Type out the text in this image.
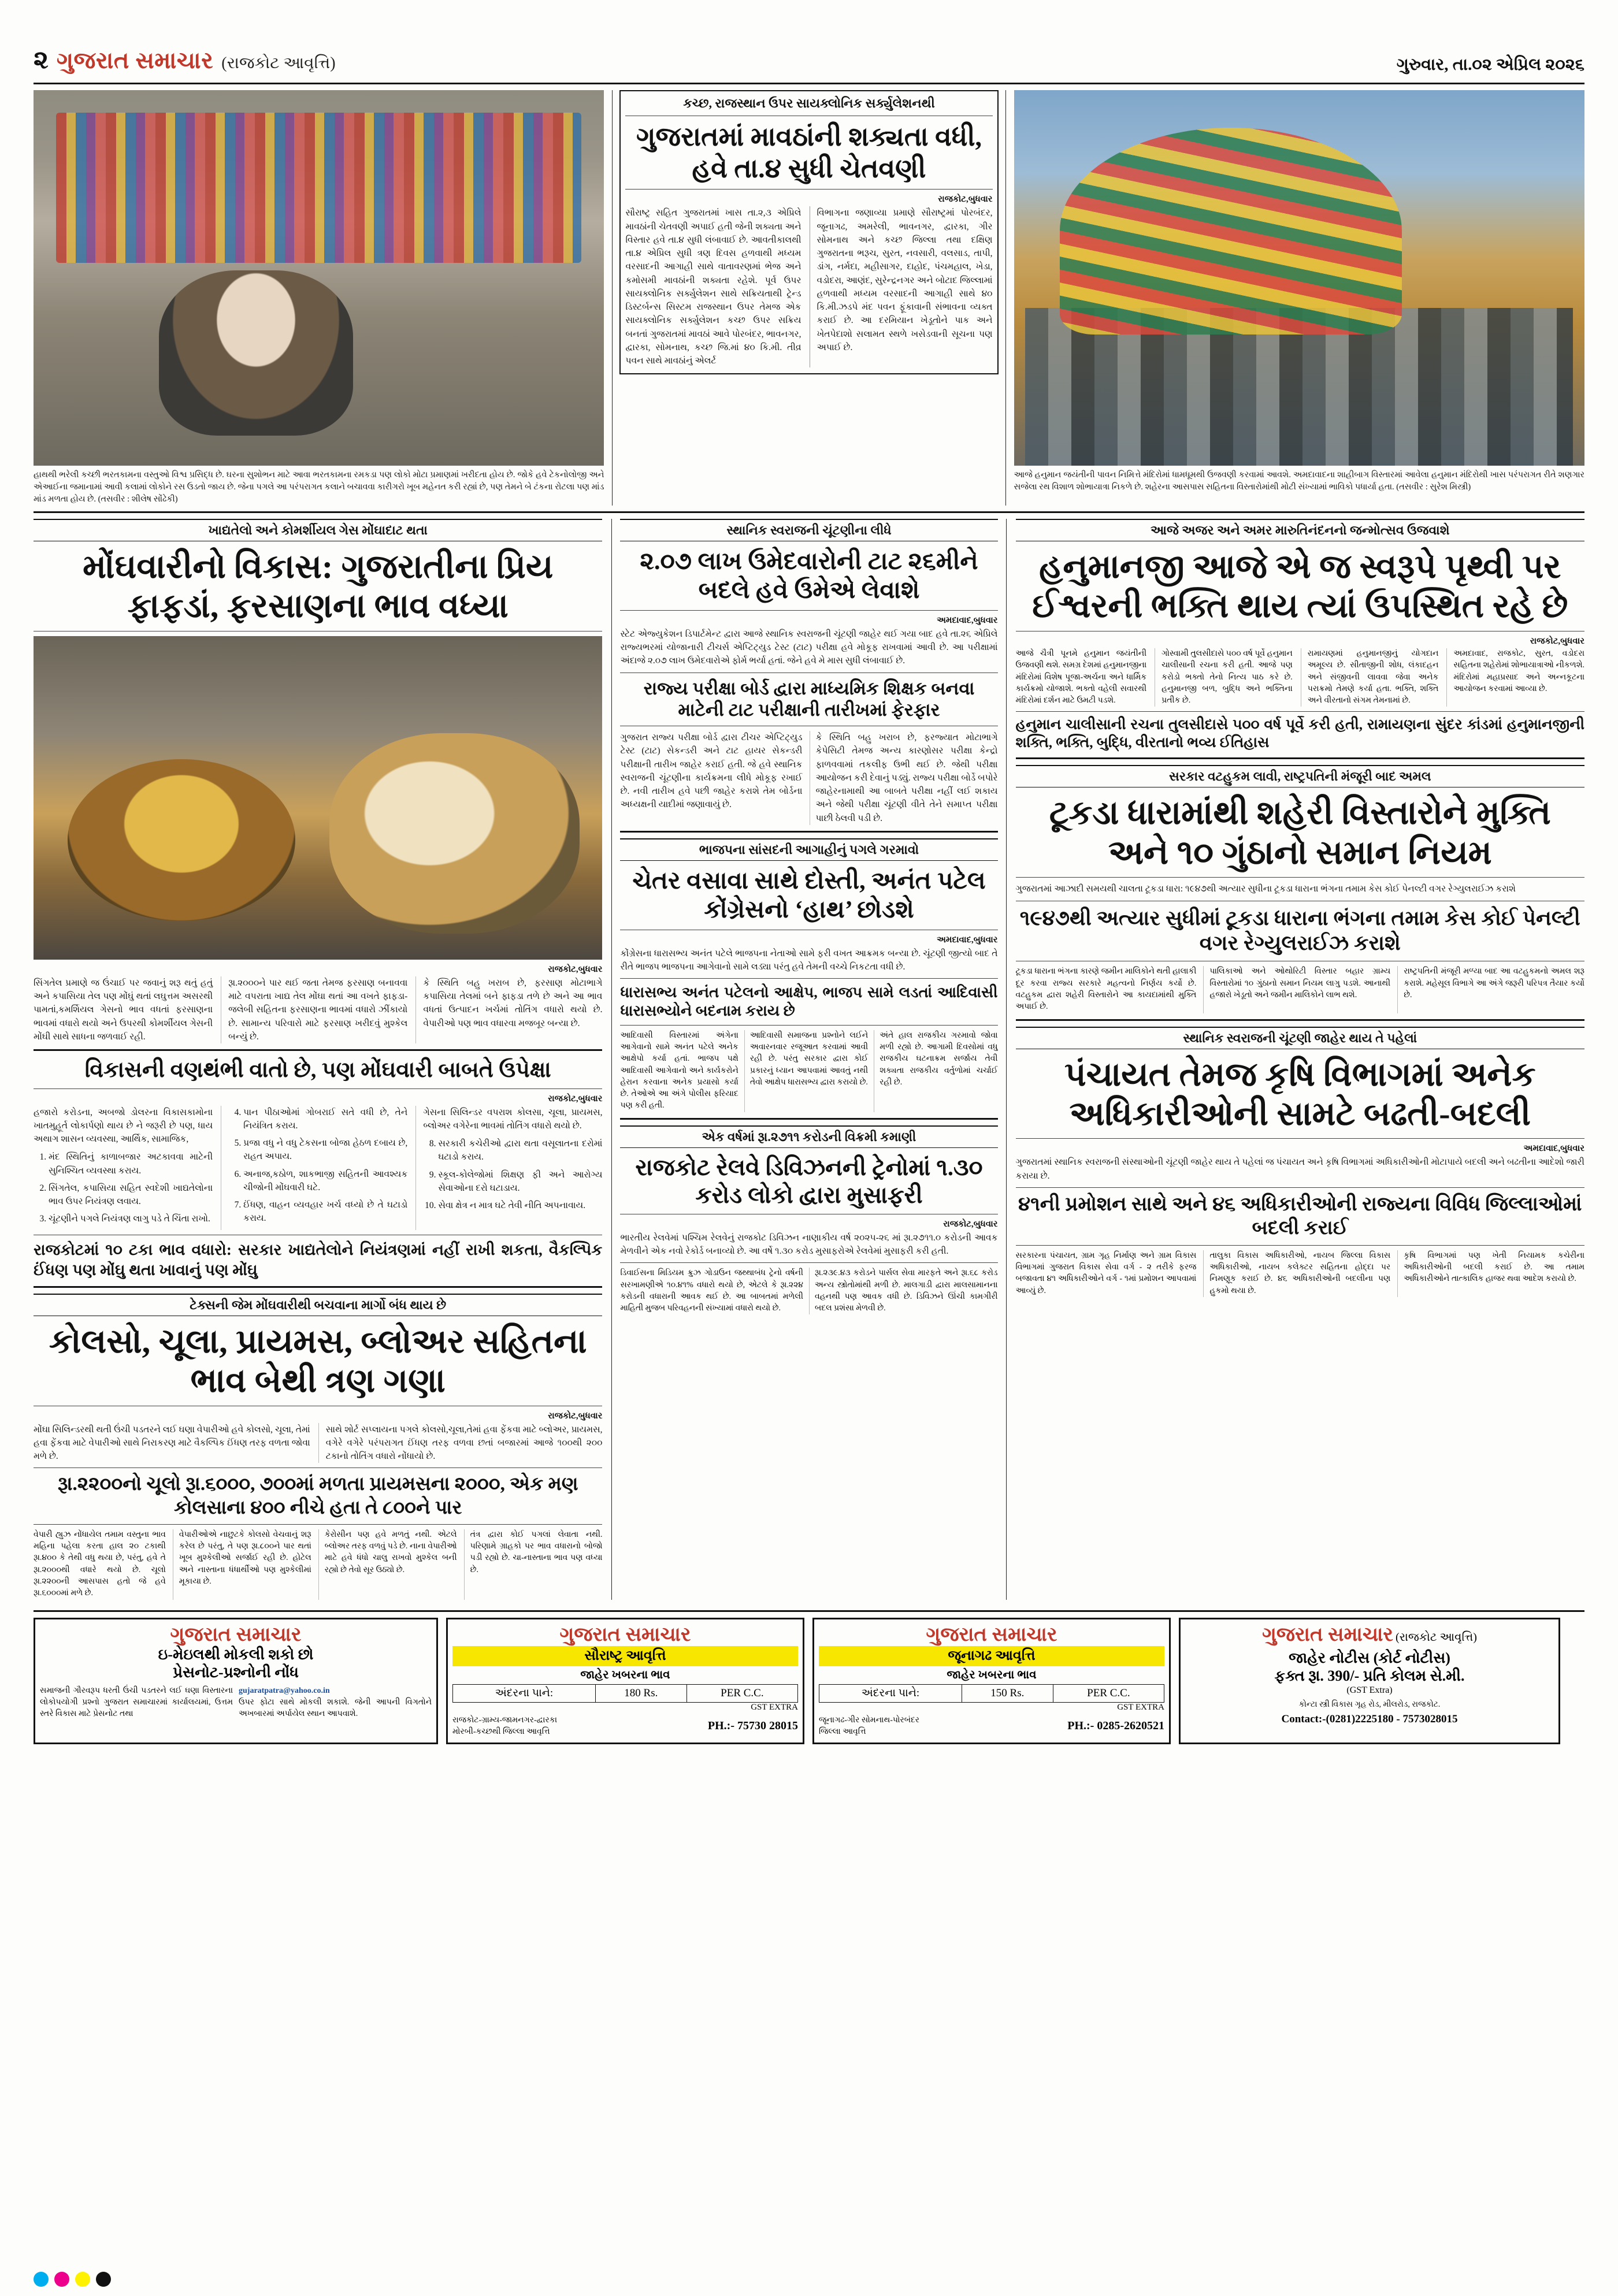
૨ ગુજરાત સમાચાર (રાજકોટ આવૃત્તિ)	ગુરુવાર, તા.૦૨ એપ્રિલ ૨૦૨૬
હાથથી ભરેલી કચ્છી ભરતકામના વસ્તુઓ વિશ્વ પ્રસિદ્ધ છે. ઘરના સુશોભન માટે આવા ભરતકામના રમકડા પણ લોકો મોટા પ્રમાણમાં ખરીદતા હોય છે. જોકે હવે ટેકનોલોજી અને એઆઈના જમાનામાં આવી કલામાં લોકોને રસ ઉડતો જાય છે. જેના પગલે આ પરંપરાગત કલાને બચાવવા કારીગરો ખૂબ મહેનત કરી રહ્યાં છે, પણ તેમને બે ટંકના રોટલા પણ માંડ માંડ મળતા હોય છે. (તસવીર : શીલેષ સોંઢેકી)
કચ્છ, રાજસ્થાન ઉપર સાયક્લોનિક સર્ક્યુલેશનથી
ગુજરાતમાં માવઠાંની શક્યતા વધી, હવે તા.૪ સુધી ચેતવણી
રાજકોટ,બુધવાર
સૌરાષ્ટ્ર સહિત ગુજરાતમાં ખાસ તા.૨,૩ એપ્રિલે માવઠાંની ચેતવણી અપાઈ હતી જેની શક્યતા અને વિસ્તાર હવે તા.૪ સુધી લંબાવાઈ છે. આવતીકાલથી તા.૪ એપ્રિલ સુધી ત્રણ દિવસ હળવાથી મધ્યમ વરસાદની આગાહી સાથે વાતાવરણમાં ભેજ અને કમોસમી માવઠાંની શક્યતા રહેશે. પૂર્વ ઉપર સાયક્લોનિક સર્ક્યુલેશન સાથે સક્રિયતાથી ટ્રેન્ડ ડિસ્ટર્બન્સ સિસ્ટમ રાજસ્થાન ઉપર તેમજ એક સાયક્લોનિક સર્ક્યુલેશન કચ્છ ઉપર સક્રિય બનતાં ગુજરાતમાં માવઠાં આવે પોરબંદર, ભાવનગર, દ્વારકા, સોમનાથ, કચ્છ જિ.માં ૪૦ કિ.મી. તીવ્ર પવન સાથે માવઠાંનું એલર્ટ
વિભાગના જણાવ્યા પ્રમાણે સૌરાષ્ટ્રમાં પોરબંદર, જૂનાગઢ, અમરેલી, ભાવનગર, દ્વારકા, ગીર સોમનાથ અને કચ્છ જિલ્લા તથા દક્ષિણ ગુજરાતના ભરૂચ, સુરત, નવસારી, વલસાડ, તાપી, ડાંગ, નર્મદા, મહીસાગર, દાહોદ, પંચમહાલ, ખેડા, વડોદરા, આણંદ, સુરેન્દ્રનગર અને બોટાદ જિલ્લામાં હળવાથી મધ્યમ વરસાદની આગાહી સાથે ૪૦ કિ.મી.ઝડપે મંદ પવન ફૂંકાવાની સંભાવના વ્યક્ત કરાઈ છે. આ દરમિયાન ખેડૂતોને પાક અને ખેતપેદાશો સલામત સ્થળે ખસેડવાની સૂચના પણ અપાઈ છે.
આજે હનુમાન જયંતીની પાવન નિમિત્તે મંદિરોમાં ધામધૂમથી ઉજવણી કરવામાં આવશે. અમદાવાદના શાહીબાગ વિસ્તારમાં આવેલા હનુમાન મંદિરોથી ખાસ પરંપરાગત રીતે શણગાર સજેલા રથ વિશાળ શોભાયાત્રા નિકળે છે. શહેરના આસપાસ સહિતના વિસ્તારોમાંથી મોટી સંખ્યામાં ભાવિકો પધાર્યા હતા. (તસવીર : સુરેશ મિસ્ત્રી)
ખાદ્યતેલો અને કોમર્શીયલ ગેસ મોંઘાદાટ થતા
મોંઘવારીનો વિકાસ: ગુજરાતીના પ્રિય ફાફડાં, ફરસાણના ભાવ વધ્યા
રાજકોટ,બુધવાર
સિંગતેલ પ્રમાણે જ ઉંચાઈ પર જવાનું શરૂ થતું હતું અને કપાસિયા તેલ પણ મોંઘું થતાં લઘુત્તમ અસરથી પામતાં,કમર્શિયલ ગેસનો ભાવ વધતાં ફરસાણના ભાવમાં વધારો થયો અને ઉપરથી કોમર્શીયલ ગેસની મોંઘી સાથે સાધના જળવાઈ રહી.
રૂા.૨૦૦૦ને પાર થઈ જતા તેમજ ફરસાણ બનાવવા માટે વપરાતા ખાદ્ય તેલ મોંઘા થતાં આ વખતે ફાફડા-જલેબી સહિતના ફરસાણના ભાવમાં વધારો ઝીંકાયો છે. સામાન્ય પરિવારો માટે ફરસાણ ખરીદવું મુશ્કેલ બન્યું છે.
કે સ્થિતિ બહુ ખરાબ છે, ફરસાણ મોટાભાગે કપાસિયા તેલમાં બને ફાફડા તળે છે અને આ ભાવ વધતાં ઉત્પાદન ખર્ચમાં તોતિંગ વધારો થયો છે. વેપારીઓ પણ ભાવ વધારવા મજબૂર બન્યા છે.
વિકાસની વણથંભી વાતો છે, પણ મોંઘવારી બાબતે ઉપેક્ષા
રાજકોટ,બુધવાર
હજારો કરોડના, અબજો ડોલરના વિકાસકામોના ખાતમુહૂર્ત લોકાર્પણો થાય છે ને જરૂરી છે પણ, ધાય અથાગ શાસન વ્યવસ્થા, આર્થિક, સામાજિક,
1. મંદ સ્થિતિનું કાળાબજાર અટકાવવા માટેની સુનિશ્ચિત વ્યવસ્થા કરાય.
2. સિંગતેલ, કપાસિયા સહિત સ્વદેશી ખાદ્યતેલોના ભાવ ઉપર નિયંત્રણ લવાય.
3. ચૂંટણીને પગલે નિયંત્રણ લાગુ પડે તે ચિંતા રાખો.
4. પાન પીઠાઓમાં ગોબરાઈ સતે વધી છે, તેને નિયંત્રિત કરાય.
5. પ્રજા વધુ ને વધુ ટેકસના બોજા હેઠળ દબાય છે, રાહત અપાય.
6. અનાજ,કઠોળ, શાકભાજી સહિતની આવશ્યક ચીજોની મોંઘવારી ઘટે.
7. ઈંધણ, વાહન વ્યવહાર ખર્ચ વધ્યો છે તે ઘટાડો કરાય.
ગેસના સિલિન્ડર વપરાશ કોલસા, ચૂલા, પ્રાયમસ, બ્લોઅર વગેરેના ભાવમાં તોતિંગ વધારો થયો છે.
8. સરકારી કચેરીઓ દ્વારા થતા વસૂલાતના દરોમાં ઘટાડો કરાય.
9. સ્કૂલ-કોલેજોમાં શિક્ષણ ફી અને આરોગ્ય સેવાઓના દરો ઘટાડાય.
10. સેવા ક્ષેત્ર ન માત્ર ઘટે તેવી નીતિ અપનાવાય.
રાજકોટમાં ૧૦ ટકા ભાવ વધારો: સરકાર ખાદ્યતેલોને નિયંત્રણમાં નહીં રાખી શકતા, વૈકલ્પિક ઈંધણ પણ મોંઘુ થતા ખાવાનું પણ મોંઘુ
ટેક્સની જેમ મોંઘવારીથી બચવાના માર્ગો બંધ થાય છે
કોલસો, ચૂલા, પ્રાયમસ, બ્લોઅર સહિતના ભાવ બેથી ત્રણ ગણા
રાજકોટ,બુધવાર
મોંઘા સિલિન્ડરથી થતી ઉંચી પડતરને લઈ ઘણા વેપારીઓ હવે કોલસો, ચૂલા, તેમાં હવા ફેંકવા માટે વેપારીઓ સાથે નિરાકરણ માટે વૈકલ્પિક ઈંધણ તરફ વળતા જોવા મળે છે.
સાથે શોર્ટ સપ્લાયના પગલે કોલસો,ચૂલા,તેમાં હવા ફેંકવા માટે બ્લોઅર, પ્રાયમસ, વગેરે વગેરે પરંપરાગત ઈંધણ તરફ વળવા છતાં બજારમાં આજે ૧૦૦થી ૨૦૦ ટકાનો તોતિંગ વધારો નોંધાયો છે.
રૂા.૨૨૦૦નો ચૂલો રૂા.૬૦૦૦, ૭૦૦માં મળતા પ્રાયમસના ૨૦૦૦, એક મણ કોલસાના ૪૦૦ નીચે હતા તે ૮૦૦ને પાર
વેપારી હ્યુઝ નોંધાયેલ તમામ વસ્તુના ભાવ મહિના પહેલા કરતા હાલ ૨૦ ટકાથી રૂા.૪૦૦ કે તેથી વધુ થયા છે, પરંતુ, હવે તે રૂા.૨૦૦૦થી વધારે થયો છે. ચૂલો રૂા.૨૨૦૦ની આસપાસ હતો જે હવે રૂા.૬૦૦૦માં મળે છે.
વેપારીઓએ નાછુટકે કોલસો વેચવાનું શરૂ કરેલ છે પરંતુ, તે પણ રૂા.૮૦૦ને પાર થતાં ખૂબ મુશ્કેલીઓ સર્જાઈ રહી છે. હોટેલ અને નાસ્તાના ધંધાર્થીઓ પણ મુશ્કેલીમાં મૂકાયા છે.
કેરોસીન પણ હવે મળતું નથી. એટલે બ્લોઅર તરફ વળવું પડે છે. નાના વેપારીઓ માટે હવે ધંધો ચાલુ રાખવો મુશ્કેલ બની રહ્યો છે તેવો સૂર ઉઠ્યો છે.
તંત્ર દ્વારા કોઈ પગલાં લેવાતા નથી. પરિણામે ગ્રાહકો પર ભાવ વધારાનો બોજો પડી રહ્યો છે. ચા-નાસ્તાના ભાવ પણ વધ્યા છે.
સ્થાનિક સ્વરાજની ચૂંટણીના લીધે
૨.૦૭ લાખ ઉમેદવારોની ટાટ ૨૬મીને બદલે હવે ઉમેએ લેવાશે
અમદાવાદ,બુધવાર
સ્ટેટ એજ્યુકેશન ડિપાર્ટમેન્ટ દ્વારા આજે સ્થાનિક સ્વરાજની ચૂંટણી જાહેર થઈ ગયા બાદ હવે તા.૨૬ એપ્રિલે રાજ્યભરમાં યોજાનારી ટીચર્સ એપ્ટિટ્યુડ ટેસ્ટ (ટાટ) પરીક્ષા હવે મોકૂફ રાખવામાં આવી છે. આ પરીક્ષામાં અંદાજે ૨.૦૭ લાખ ઉમેદવારોએ ફોર્મ ભર્યા હતાં. જેને હવે મે માસ સુધી લંબાવાઈ છે.
રાજ્ય પરીક્ષા બોર્ડ દ્વારા માધ્યમિક શિક્ષક બનવા માટેની ટાટ પરીક્ષાની તારીખમાં ફેરફાર
ગુજરાત રાજ્ય પરીક્ષા બોર્ડ દ્વારા ટીચર એપ્ટિટ્યુડ ટેસ્ટ (ટાટ) સેકન્ડરી અને ટાટ હાયર સેકન્ડરી પરીક્ષાની તારીખ જાહેર કરાઈ હતી. જે હવે સ્થાનિક સ્વરાજની ચૂંટણીના કાર્યક્રમના લીધે મોકૂફ રખાઈ છે. નવી તારીખ હવે પછી જાહેર કરાશે તેમ બોર્ડના અધ્યક્ષની યાદીમાં જણાવાયું છે.
કે સ્થિતિ બહુ ખરાબ છે, ફરજ્યાત મોટાભાગે કેપેસિટી તેમજ અન્ય કારણોસર પરીક્ષા કેન્દ્રો ફાળવવામાં તકલીફ ઉભી થઈ છે. જેથી પરીક્ષા આયોજન કરી દેવાનું પડ્યું. રાજ્ય પરીક્ષા બોર્ડે બપોરે જાહેરનામાથી આ બાબતે પરીક્ષા નહીં લઈ શકાય અને જેથી પરીક્ષા ચૂંટણી વીતે તેને સમાપ્ત પરીક્ષા પાછી ઠેલવી પડી છે.
ભાજપના સાંસદની આગાહીનું પગલે ગરમાવો
ચેતર વસાવા સાથે દોસ્તી, અનંત પટેલ કોંગ્રેસનો ‘હાથ’ છોડશે
અમદાવાદ,બુધવાર
કોંગ્રેસના ધારાસભ્ય અનંત પટેલે ભાજપના નેતાઓ સામે ફરી વખત આક્રમક બન્યા છે. ચૂંટણી જીત્યો બાદ તે રીતે ભાજપ ભાજપના આગેવાનો સામે લડ્યા પરંતુ હવે તેમની વચ્ચે નિકટતા વધી છે.
ધારાસભ્ય અનંત પટેલનો આક્ષેપ, ભાજપ સામે લડતાં આદિવાસી ધારાસભ્યોને બદનામ કરાય છે
આદિવાસી વિસ્તારમાં અંગેના આગેવાનો સામે અનંત પટેલે અનેક આક્ષેપો કર્યા હતાં. ભાજપ પક્ષે આદિવાસી આગેવાનો અને કાર્યકરોને હેરાન કરવાના અનેક પ્રયાસો કર્યા છે. તેઓએ આ અંગે પોલીસ ફરિયાદ પણ કરી હતી.
આદિવાસી સમાજના પ્રશ્નોને લઈને અવારનવાર રજૂઆત કરવામાં આવી રહી છે. પરંતુ સરકાર દ્વારા કોઈ પ્રકારનું ધ્યાન આપવામાં આવતું નથી તેવો આક્ષેપ ધારાસભ્ય દ્વારા કરાયો છે.
અંતે હાલ રાજકીય ગરમાવો જોવા મળી રહ્યો છે. આગામી દિવસોમાં વધુ રાજકીય ઘટનાક્રમ સર્જાય તેવી શક્યતા રાજકીય વર્તુળોમાં ચર્ચાઈ રહી છે.
એક વર્ષમાં રૂા.૨૭૧૧ કરોડની વિક્રમી કમાણી
રાજકોટ રેલવે ડિવિઝનની ટ્રેનોમાં ૧.૩૦ કરોડ લોકો દ્વારા મુસાફરી
રાજકોટ,બુધવાર
ભારતીય રેલવેમાં પશ્ચિમ રેલવેનું રાજકોટ ડિવિઝન નાણાકીય વર્ષ ૨૦૨૫-૨૬ માં રૂા.૨૭૧૧.૦ કરોડની આવક મેળવીને એક નવો રેકોર્ડ બનાવ્યો છે. આ વર્ષે ૧.૩૦ કરોડ મુસાફરોએ રેલવેમાં મુસાફરી કરી હતી.
ડિવાઈસના મિડિયમ ક્રુઝ ગોડાઉન જથ્થાબંધ ટ્રેનો વર્ષની સરખામણીએ ૧૦.૪૧% વધારો થયો છે, એટલે કે રૂા.૨૨૪ કરોડની વધારાની આવક થઈ છે. આ બાબતમાં મળેલી માહિતી મુજબ પરિવહનની સંખ્યામાં વધારો થયો છે.
રૂા.૨૩૯.૪૩ કરોડને પાર્સલ સેવા મારફતે અને રૂા.૬૮ કરોડ અન્ય સ્ત્રોતોમાંથી મળી છે. માલગાડી દ્વારા માલસામાનના વહનથી પણ આવક વધી છે. ડિવિઝને ઊંચી કામગીરી બદલ પ્રશંસા મેળવી છે.
આજે અજર અને અમર મારુતિનંદનનો જન્મોત્સવ ઉજવાશે
હનુમાનજી આજે એ જ સ્વરૂપે પૃથ્વી પર ઈશ્વરની ભક્તિ થાય ત્યાં ઉપસ્થિત રહે છે
રાજકોટ,બુધવાર
આજે ચૈત્રી પૂનમે હનુમાન જયંતીની ઉજવણી થશે. સમગ્ર દેશમાં હનુમાનજીના મંદિરોમાં વિશેષ પૂજા-અર્ચના અને ધાર્મિક કાર્યક્રમો યોજાશે. ભક્તો વહેલી સવારથી મંદિરોમાં દર્શન માટે ઉમટી પડશે.
ગોસ્વામી તુલસીદાસે ૫૦૦ વર્ષ પૂર્વે હનુમાન ચાલીસાની રચના કરી હતી. આજે પણ કરોડો ભક્તો તેનો નિત્ય પાઠ કરે છે. હનુમાનજી બળ, બુદ્ધિ અને ભક્તિના પ્રતીક છે.
રામાયણમાં હનુમાનજીનું યોગદાન અમૂલ્ય છે. સીતાજીની શોધ, લંકાદહન અને સંજીવની લાવવા જેવા અનેક પરાક્રમો તેમણે કર્યા હતા. ભક્તિ, શક્તિ અને વીરતાનો સંગમ તેમનામાં છે.
અમદાવાદ, રાજકોટ, સુરત, વડોદરા સહિતના શહેરોમાં શોભાયાત્રાઓ નીકળશે. મંદિરોમાં મહાપ્રસાદ અને અન્નકૂટના આયોજન કરવામાં આવ્યા છે.
હનુમાન ચાલીસાની રચના તુલસીદાસે ૫૦૦ વર્ષ પૂર્વે કરી હતી, રામાયણના સુંદર કાંડમાં હનુમાનજીની શક્તિ, ભક્તિ, બુદ્ધિ, વીરતાનો ભવ્ય ઈતિહાસ
સરકાર વટહુકમ લાવી, રાષ્ટ્રપતિની મંજૂરી બાદ અમલ
ટૂકડા ધારામાંથી શહેરી વિસ્તારોને મુક્તિ અને ૧૦ ગુંઠાનો સમાન નિયમ
ગુજરાતમાં આઝાદી સમયથી ચાલતા ટૂકડા ધારા: ૧૯૪૭થી અત્યાર સુધીના ટૂકડા ધારાના ભંગના તમામ કેસ કોઈ પેનલ્ટી વગર રેગ્યુલરાઈઝ કરાશે
૧૯૪૭થી અત્યાર સુધીમાં ટૂકડા ધારાના ભંગના તમામ કેસ કોઈ પેનલ્ટી વગર રેગ્યુલરાઈઝ કરાશે
ટૂકડા ધારાના ભંગના કારણે જમીન માલિકોને થતી હાલાકી દૂર કરવા રાજ્ય સરકારે મહત્વનો નિર્ણય કર્યો છે. વટહુકમ દ્વારા શહેરી વિસ્તારોને આ કાયદામાંથી મુક્તિ અપાઈ છે.
પાલિકાઓ અને ઓથોરિટી વિસ્તાર બહાર ગ્રામ્ય વિસ્તારોમાં ૧૦ ગુંઠાનો સમાન નિયમ લાગુ પડશે. આનાથી હજારો ખેડૂતો અને જમીન માલિકોને લાભ થશે.
રાષ્ટ્રપતિની મંજૂરી મળ્યા બાદ આ વટહુકમનો અમલ શરૂ કરાશે. મહેસૂલ વિભાગે આ અંગે જરૂરી પરિપત્ર તૈયાર કર્યો છે.
સ્થાનિક સ્વરાજની ચૂંટણી જાહેર થાય તે પહેલાં
પંચાયત તેમજ કૃષિ વિભાગમાં અનેક અધિકારીઓની સામટે બઢતી-બદલી
અમદાવાદ,બુધવાર
ગુજરાતમાં સ્થાનિક સ્વરાજની સંસ્થાઓની ચૂંટણી જાહેર થાય તે પહેલાં જ પંચાયત અને કૃષિ વિભાગમાં અધિકારીઓની મોટાપાયે બદલી અને બઢતીના આદેશો જારી કરાયા છે.
૪૧ની પ્રમોશન સાથે અને ૪૬ અધિકારીઓની રાજ્યના વિવિધ જિલ્લાઓમાં બદલી કરાઈ
સરકારના પંચાયત, ગ્રામ ગૃહ નિર્માણ અને ગ્રામ વિકાસ વિભાગમાં ગુજરાત વિકાસ સેવા વર્ગ - ૨ તરીકે ફરજ બજાવતા ૪૧ અધિકારીઓને વર્ગ - ૧માં પ્રમોશન આપવામાં આવ્યું છે.
તાલુકા વિકાસ અધિકારીઓ, નાયબ જિલ્લા વિકાસ અધિકારીઓ, નાયબ કલેક્ટર સહિતના હોદ્દા પર નિમણૂક કરાઈ છે. ૪૬ અધિકારીઓની બદલીના પણ હુકમો થયા છે.
કૃષિ વિભાગમાં પણ ખેતી નિયામક કચેરીના અધિકારીઓની બદલી કરાઈ છે. આ તમામ અધિકારીઓને તાત્કાલિક હાજર થવા આદેશ કરાયો છે.
ગુજરાત સમાચાર
ઇ-મેઇલથી મોકલી શકો છો
પ્રેસનોટ-પ્રશ્નોની નોંધ
સમાજની ગૌરવરૂપ ધરતી ઉંચી પડતરને લઈ ઘણા વિસ્તારના લોકોપયોગી પ્રશ્નો ગુજરાત સમાચારમાં કાર્યાલયમાં, ઉત્તમ સ્તરે વિકાસ માટે પ્રેસનોટ તથા
gujaratpatra@yahoo.co.in
ઉપર ફોટા સાથે મોકલી શકાશે. જેની આપની વિગતોને અખબારમાં અર્પાયેલ સ્થાન આપવાશે.
ગુજરાત સમાચાર
સૌરાષ્ટ્ર આવૃત્તિ
જાહેર ખબરના ભાવ
અંદરના પાને:	180 Rs.	PER C.C.
GST EXTRA
રાજકોટ-ગ્રામ્ય-જામનગર-દ્વારકા
મોરબી-કચ્છથી જિલ્લા આવૃત્તિ	PH.:- 75730 28015
ગુજરાત સમાચાર
જૂનાગઢ આવૃત્તિ
જાહેર ખબરના ભાવ
અંદરના પાને:	150 Rs.	PER C.C.
GST EXTRA
જૂનાગઢ-ગીર સોમનાથ-પોરબંદર
જિલ્લા આવૃત્તિ	PH.:- 0285-2620521
ગુજરાત સમાચાર (રાજકોટ આવૃત્તિ)
જાહેર નોટીસ (કોર્ટ નોટીસ)
ફક્ત રૂા. 390/- પ્રતિ કોલમ સે.મી.
(GST Extra)
કોન્ટા સ્ત્રી વિકાસ ગૃહ રોડ, મીલરોડ, રાજકોટ.
Contact:-(0281)2225180 - 7573028015
